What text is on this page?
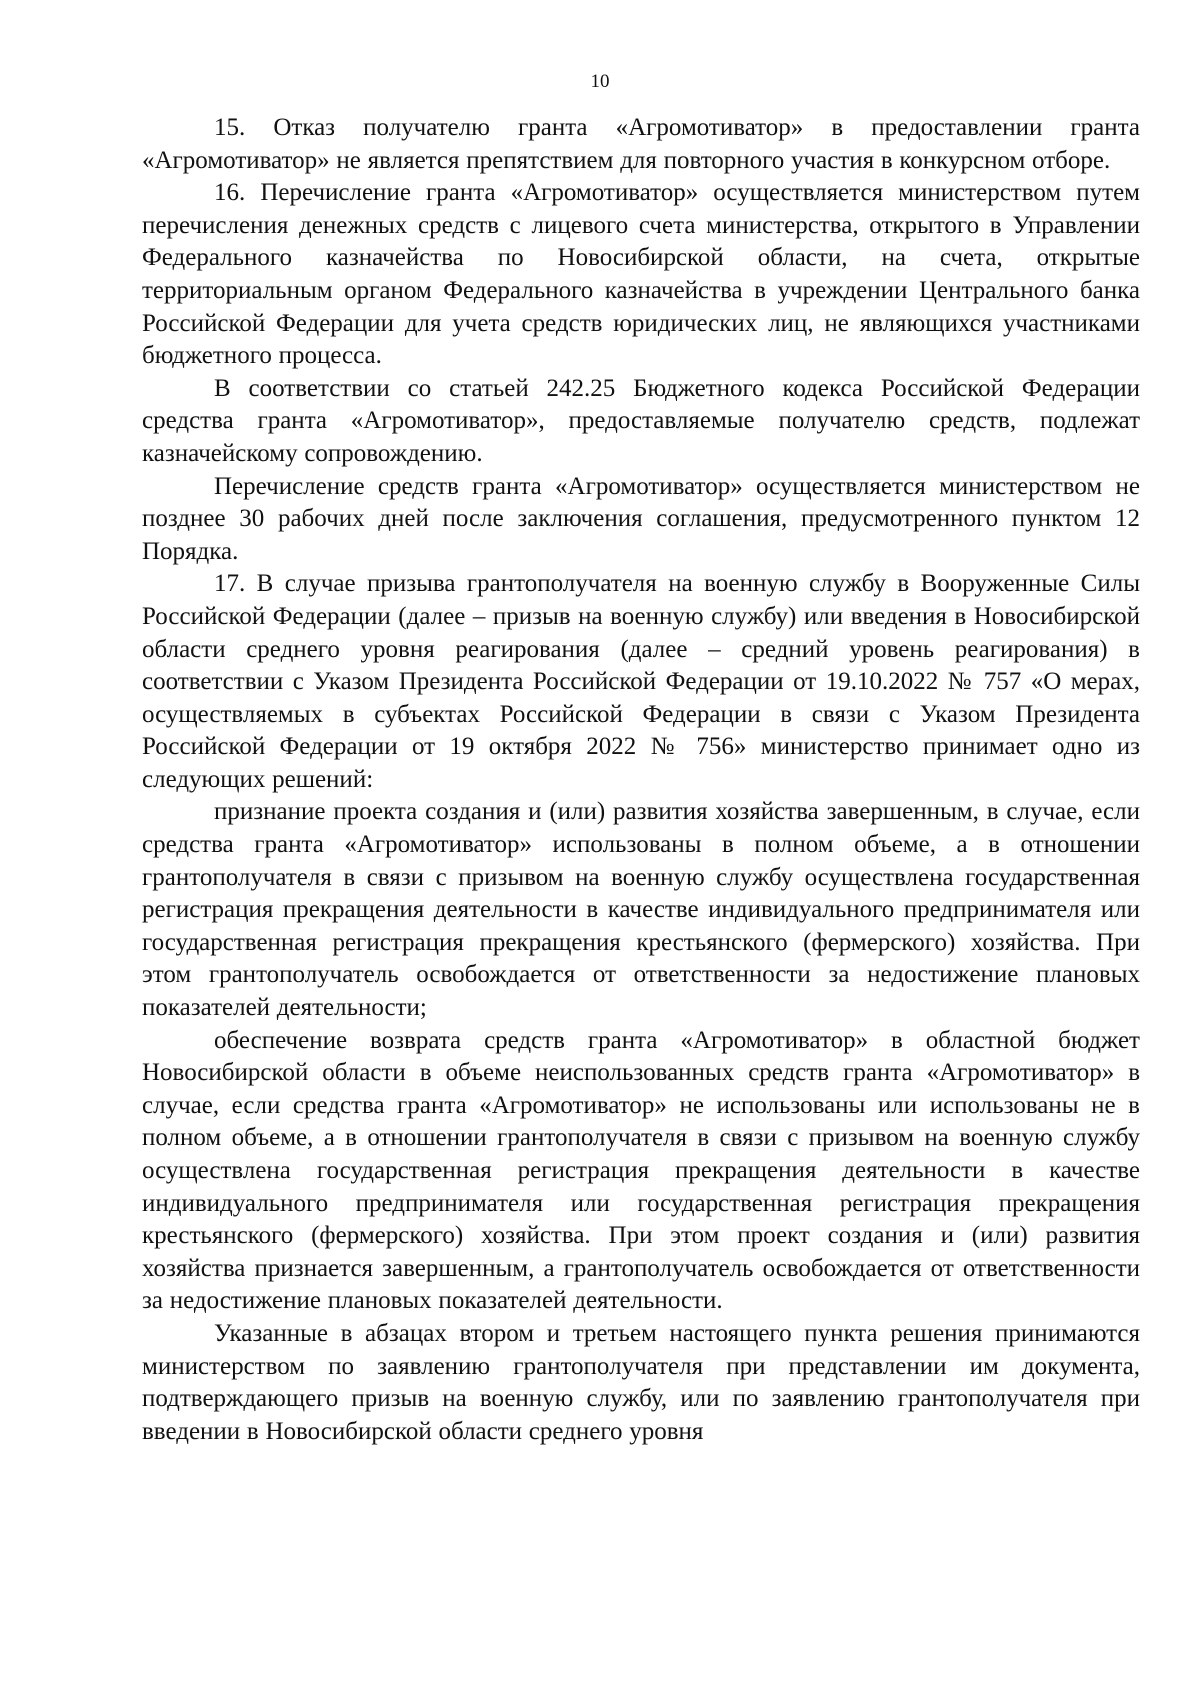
10

15. Отказ получателю гранта «Агромотиватор» в предоставлении гранта «Агромотиватор» не является препятствием для повторного участия в конкурсном отборе.

16. Перечисление гранта «Агромотиватор» осуществляется министерством путем перечисления денежных средств с лицевого счета министерства, открытого в Управлении Федерального казначейства по Новосибирской области, на счета, открытые территориальным органом Федерального казначейства в учреждении Центрального банка Российской Федерации для учета средств юридических лиц, не являющихся участниками бюджетного процесса.

В соответствии со статьей 242.25 Бюджетного кодекса Российской Федерации средства гранта «Агромотиватор», предоставляемые получателю средств, подлежат казначейскому сопровождению.

Перечисление средств гранта «Агромотиватор» осуществляется министерством не позднее 30 рабочих дней после заключения соглашения, предусмотренного пунктом 12 Порядка.

17. В случае призыва грантополучателя на военную службу в Вооруженные Силы Российской Федерации (далее – призыв на военную службу) или введения в Новосибирской области среднего уровня реагирования (далее – средний уровень реагирования) в соответствии с Указом Президента Российской Федерации от 19.10.2022 № 757 «О мерах, осуществляемых в субъектах Российской Федерации в связи с Указом Президента Российской Федерации от 19 октября 2022 № 756» министерство принимает одно из следующих решений:

признание проекта создания и (или) развития хозяйства завершенным, в случае, если средства гранта «Агромотиватор» использованы в полном объеме, а в отношении грантополучателя в связи с призывом на военную службу осуществлена государственная регистрация прекращения деятельности в качестве индивидуального предпринимателя или государственная регистрация прекращения крестьянского (фермерского) хозяйства. При этом грантополучатель освобождается от ответственности за недостижение плановых показателей деятельности;

обеспечение возврата средств гранта «Агромотиватор» в областной бюджет Новосибирской области в объеме неиспользованных средств гранта «Агромотиватор» в случае, если средства гранта «Агромотиватор» не использованы или использованы не в полном объеме, а в отношении грантополучателя в связи с призывом на военную службу осуществлена государственная регистрация прекращения деятельности в качестве индивидуального предпринимателя или государственная регистрация прекращения крестьянского (фермерского) хозяйства. При этом проект создания и (или) развития хозяйства признается завершенным, а грантополучатель освобождается от ответственности за недостижение плановых показателей деятельности.

Указанные в абзацах втором и третьем настоящего пункта решения принимаются министерством по заявлению грантополучателя при представлении им документа, подтверждающего призыв на военную службу, или по заявлению грантополучателя при введении в Новосибирской области среднего уровня
